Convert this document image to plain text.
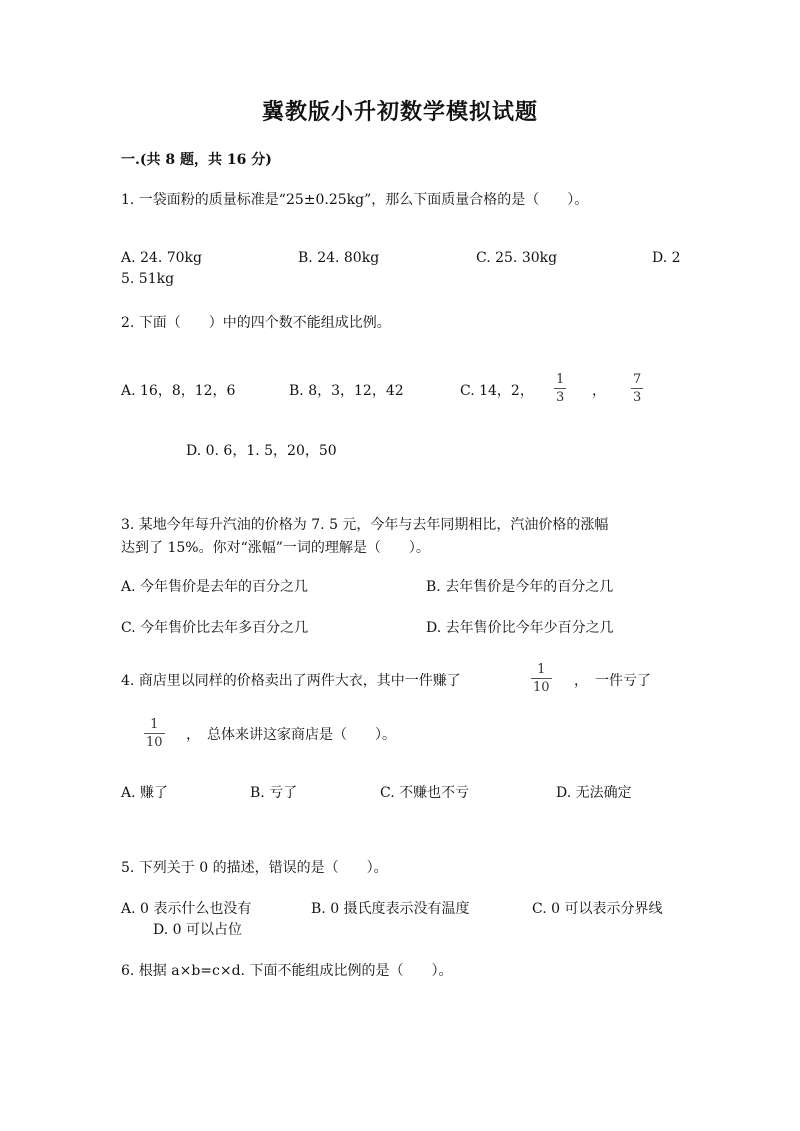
冀教版小升初数学模拟试题
一.(共 8 题，共 16 分)
1. 一袋面粉的质量标准是“25±0.25kg”，那么下面质量合格的是（　　）。
A. 24. 70kg	B. 24. 80kg	C. 25. 30kg	D. 2
5. 51kg
2. 下面（　　）中的四个数不能组成比例。
A. 16，8，12，6	B. 8，3，12，42	C. 14，2，
1
3 ，
7
3
D. 0. 6，1. 5，20，50
3. 某地今年每升汽油的价格为 7. 5 元，今年与去年同期相比，汽油价格的涨幅
达到了 15%。你对“涨幅”一词的理解是（　　）。
A. 今年售价是去年的百分之几	B. 去年售价是今年的百分之几
C. 今年售价比去年多百分之几	D. 去年售价比今年少百分之几
4. 商店里以同样的价格卖出了两件大衣，其中一件赚了
1
10 ，　一件亏了
1
10 ，　总体来讲这家商店是（　　）。
A. 赚了	B. 亏了	C. 不赚也不亏	D. 无法确定
5. 下列关于 0 的描述，错误的是（　　）。
A. 0 表示什么也没有	B. 0 摄氏度表示没有温度	C. 0 可以表示分界线
D. 0 可以占位
6. 根据 a×b=c×d. 下面不能组成比例的是（　　）。
